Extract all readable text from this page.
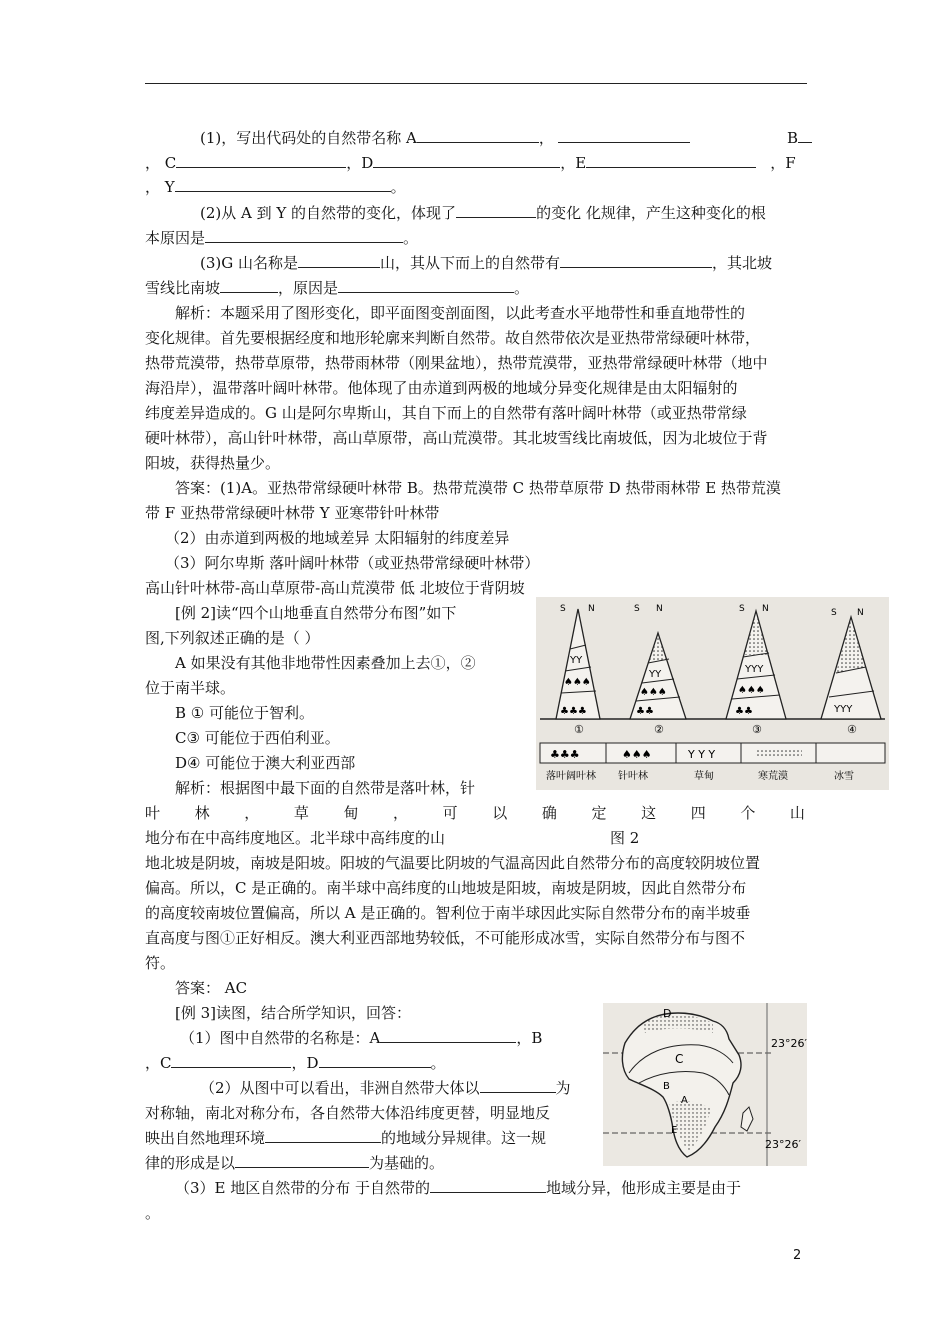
(1)，写出代码处的自然带名称 A	，	B
， C	，D	，E	，F
， Y	。
(2)从 A 到 Y 的自然带的变化，体现了	的变化 化规律，产生这种变化的根
本原因是	。
(3)G 山名称是	山，其从下而上的自然带有	，其北坡
雪线比南坡	，原因是	。
解析：本题采用了图形变化，即平面图变剖面图，以此考查水平地带性和垂直地带性的
变化规律。首先要根据经度和地形轮廓来判断自然带。故自然带依次是亚热带常绿硬叶林带，
热带荒漠带，热带草原带，热带雨林带（刚果盆地），热带荒漠带，亚热带常绿硬叶林带（地中
海沿岸），温带落叶阔叶林带。他体现了由赤道到两极的地域分异变化规律是由太阳辐射的
纬度差异造成的。G 山是阿尔卑斯山，其自下而上的自然带有落叶阔叶林带（或亚热带常绿
硬叶林带），高山针叶林带，高山草原带，高山荒漠带。其北坡雪线比南坡低，因为北坡位于背
阳坡，获得热量少。
答案：(1)A。亚热带常绿硬叶林带 B。热带荒漠带 C 热带草原带 D 热带雨林带 E 热带荒漠
带 F 亚热带常绿硬叶林带 Y 亚寒带针叶林带
（2）由赤道到两极的地域差异 太阳辐射的纬度差异
（3）阿尔卑斯 落叶阔叶林带（或亚热带常绿硬叶林带）
高山针叶林带-高山草原带-高山荒漠带 低 北坡位于背阴坡
[例 2]读“四个山地垂直自然带分布图”如下
图,下列叙述正确的是（ ）
A 如果没有其他非地带性因素叠加上去①，②
位于南半球。
B ① 可能位于智利。
C③ 可能位于西伯利亚。
D④ 可能位于澳大利亚西部
解析：根据图中最下面的自然带是落叶林，针
叶 林 ， 草 甸 ， 可 以 确 定 这 四 个 山
地分布在中高纬度地区。北半球中高纬度的山	图 2
地北坡是阴坡，南坡是阳坡。阳坡的气温要比阴坡的气温高因此自然带分布的高度较阴坡位置
偏高。所以，C 是正确的。南半球中高纬度的山地坡是阳坡，南坡是阴坡，因此自然带分布
的高度较南坡位置偏高，所以 A 是正确的。智利位于南半球因此实际自然带分布的南半坡垂
直高度与图①正好相反。澳大利亚西部地势较低，不可能形成冰雪，实际自然带分布与图不
符。
答案： AC
YY
♠♠♠
♣♣♣
YY
♠♠♠
♣♣
YYY
♠♠♠
♣♣	YYY
S N	S N	S N	S N
①	②	③	④
♣♣♣	♠♠♠	Y Y Y
落叶阔叶林 针叶林	草甸	寒荒漠	冰雪
[例 3]读图，结合所学知识，回答：
（1）图中自然带的名称是：A	，B
，C	，D	。
（2）从图中可以看出，非洲自然带大体以	为
对称轴，南北对称分布，各自然带大体沿纬度更替，明显地反
映出自然地理环境	的地域分异规律。这一规
律的形成是以	为基础的。
（3）E 地区自然带的分布 于自然带的	地域分异，他形成主要是由于
。
D
C
B
A
E
23°26′
23°26′
2
